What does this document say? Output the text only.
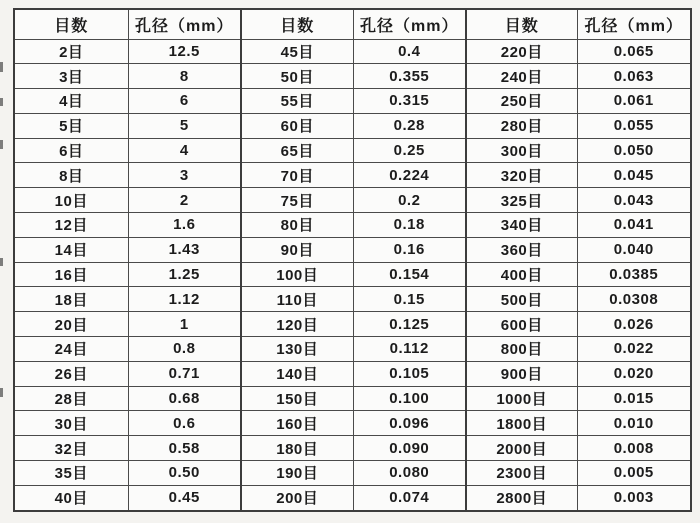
目数	孔径（mm）	目数	孔径（mm）	目数	孔径（mm）
2目	12.5	45目	0.4	220目	0.065
3目	8	50目	0.355	240目	0.063
4目	6	55目	0.315	250目	0.061
5目	5	60目	0.28	280目	0.055
6目	4	65目	0.25	300目	0.050
8目	3	70目	0.224	320目	0.045
10目	2	75目	0.2	325目	0.043
12目	1.6	80目	0.18	340目	0.041
14目	1.43	90目	0.16	360目	0.040
16目	1.25	100目	0.154	400目	0.0385
18目	1.12	110目	0.15	500目	0.0308
20目	1	120目	0.125	600目	0.026
24目	0.8	130目	0.112	800目	0.022
26目	0.71	140目	0.105	900目	0.020
28目	0.68	150目	0.100	1000目	0.015
30目	0.6	160目	0.096	1800目	0.010
32目	0.58	180目	0.090	2000目	0.008
35目	0.50	190目	0.080	2300目	0.005
40目	0.45	200目	0.074	2800目	0.003
